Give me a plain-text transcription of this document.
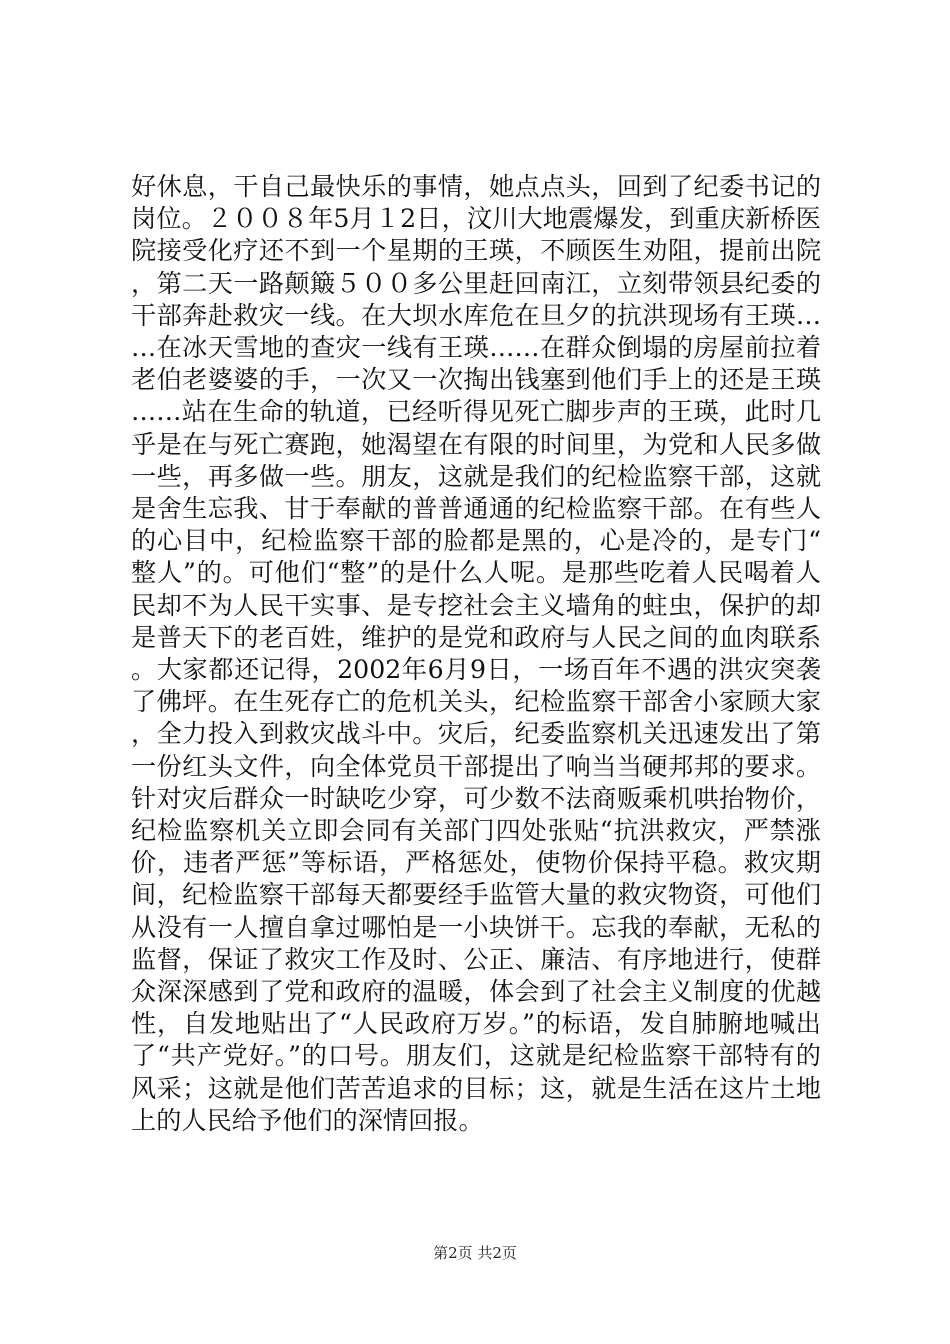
好休息，干自己最快乐的事情，她点点头，回到了纪委书记的岗位。２００８年5月１2日，汶川大地震爆发，到重庆新桥医院接受化疗还不到一个星期的王瑛，不顾医生劝阻，提前出院，第二天一路颠簸５００多公里赶回南江，立刻带领县纪委的干部奔赴救灾一线。在大坝水库危在旦夕的抗洪现场有王瑛……在冰天雪地的查灾一线有王瑛……在群众倒塌的房屋前拉着老伯老婆婆的手，一次又一次掏出钱塞到他们手上的还是王瑛……站在生命的轨道，已经听得见死亡脚步声的王瑛，此时几乎是在与死亡赛跑，她渴望在有限的时间里，为党和人民多做一些，再多做一些。朋友，这就是我们的纪检监察干部，这就是舍生忘我、甘于奉献的普普通通的纪检监察干部。在有些人的心目中，纪检监察干部的脸都是黑的，心是冷的，是专门“整人”的。可他们“整”的是什么人呢。是那些吃着人民喝着人民却不为人民干实事、是专挖社会主义墙角的蛀虫，保护的却是普天下的老百姓，维护的是党和政府与人民之间的血肉联系。大家都还记得，2002年6月9日，一场百年不遇的洪灾突袭了佛坪。在生死存亡的危机关头，纪检监察干部舍小家顾大家，全力投入到救灾战斗中。灾后，纪委监察机关迅速发出了第一份红头文件，向全体党员干部提出了响当当硬邦邦的要求。针对灾后群众一时缺吃少穿，可少数不法商贩乘机哄抬物价，纪检监察机关立即会同有关部门四处张贴“抗洪救灾，严禁涨价，违者严惩”等标语，严格惩处，使物价保持平稳。救灾期间，纪检监察干部每天都要经手监管大量的救灾物资，可他们从没有一人擅自拿过哪怕是一小块饼干。忘我的奉献，无私的监督，保证了救灾工作及时、公正、廉洁、有序地进行，使群众深深感到了党和政府的温暖，体会到了社会主义制度的优越性，自发地贴出了“人民政府万岁。”的标语，发自肺腑地喊出了“共产党好。”的口号。朋友们，这就是纪检监察干部特有的风采；这就是他们苦苦追求的目标；这，就是生活在这片土地上的人民给予他们的深情回报。

第2页 共2页
